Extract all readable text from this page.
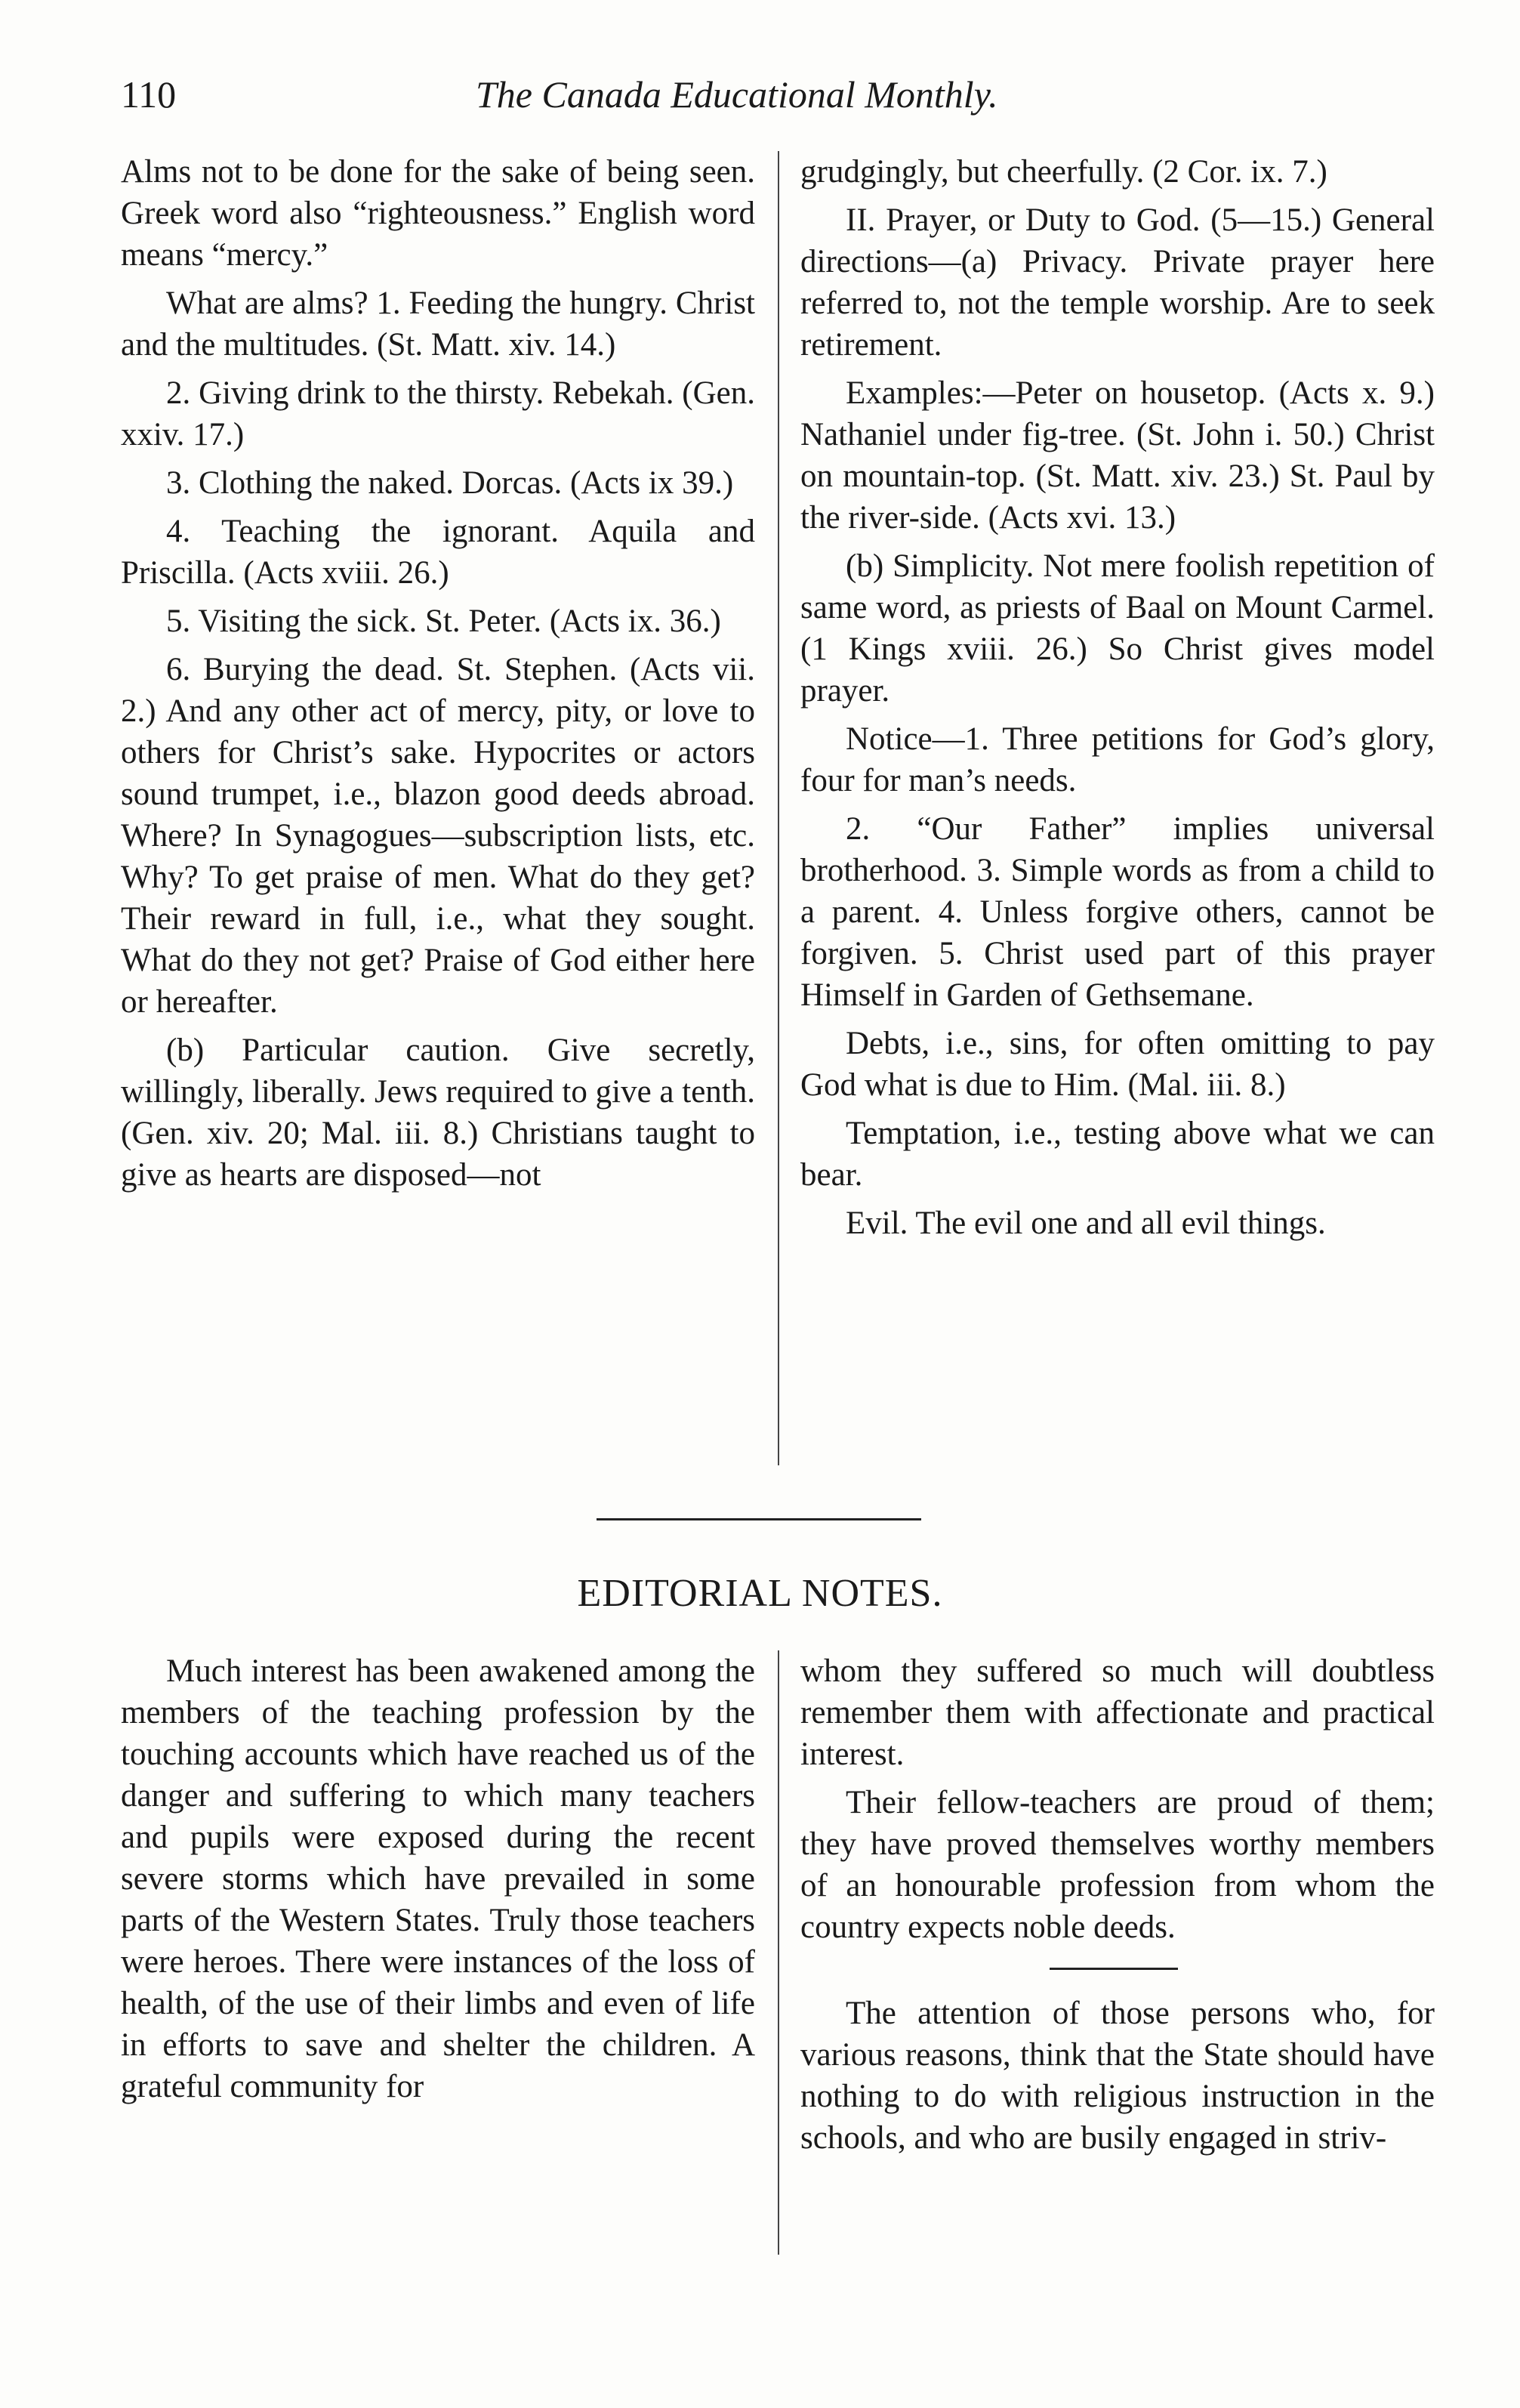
110	The Canada Educational Monthly.

Alms not to be done for the sake of being seen. Greek word also “righteousness.” English word means “mercy.”

What are alms? 1. Feeding the hungry. Christ and the multitudes. (St. Matt. xiv. 14.)

2. Giving drink to the thirsty. Rebekah. (Gen. xxiv. 17.)

3. Clothing the naked. Dorcas. (Acts ix 39.)

4. Teaching the ignorant. Aquila and Priscilla. (Acts xviii. 26.)

5. Visiting the sick. St. Peter. (Acts ix. 36.)

6. Burying the dead. St. Stephen. (Acts vii. 2.) And any other act of mercy, pity, or love to others for Christ’s sake. Hypocrites or actors sound trumpet, i.e., blazon good deeds abroad. Where? In Synagogues—subscription lists, etc. Why? To get praise of men. What do they get? Their reward in full, i.e., what they sought. What do they not get? Praise of God either here or hereafter.

(b) Particular caution. Give secretly, willingly, liberally. Jews required to give a tenth. (Gen. xiv. 20; Mal. iii. 8.) Christians taught to give as hearts are disposed—not

grudgingly, but cheerfully. (2 Cor. ix. 7.)

II. Prayer, or Duty to God. (5—15.) General directions—(a) Privacy. Private prayer here referred to, not the temple worship. Are to seek retirement.

Examples:—Peter on housetop. (Acts x. 9.) Nathaniel under fig-tree. (St. John i. 50.) Christ on mountain-top. (St. Matt. xiv. 23.) St. Paul by the river-side. (Acts xvi. 13.)

(b) Simplicity. Not mere foolish repetition of same word, as priests of Baal on Mount Carmel. (1 Kings xviii. 26.) So Christ gives model prayer.

Notice—1. Three petitions for God’s glory, four for man’s needs.

2. “Our Father” implies universal brotherhood. 3. Simple words as from a child to a parent. 4. Unless forgive others, cannot be forgiven. 5. Christ used part of this prayer Himself in Garden of Gethsemane.

Debts, i.e., sins, for often omitting to pay God what is due to Him. (Mal. iii. 8.)

Temptation, i.e., testing above what we can bear.

Evil. The evil one and all evil things.

EDITORIAL NOTES.

Much interest has been awakened among the members of the teaching profession by the touching accounts which have reached us of the danger and suffering to which many teachers and pupils were exposed during the recent severe storms which have prevailed in some parts of the Western States. Truly those teachers were heroes. There were instances of the loss of health, of the use of their limbs and even of life in efforts to save and shelter the children. A grateful community for

whom they suffered so much will doubtless remember them with affectionate and practical interest.

Their fellow-teachers are proud of them; they have proved themselves worthy members of an honourable profession from whom the country expects noble deeds.

The attention of those persons who, for various reasons, think that the State should have nothing to do with religious instruction in the schools, and who are busily engaged in striv-
